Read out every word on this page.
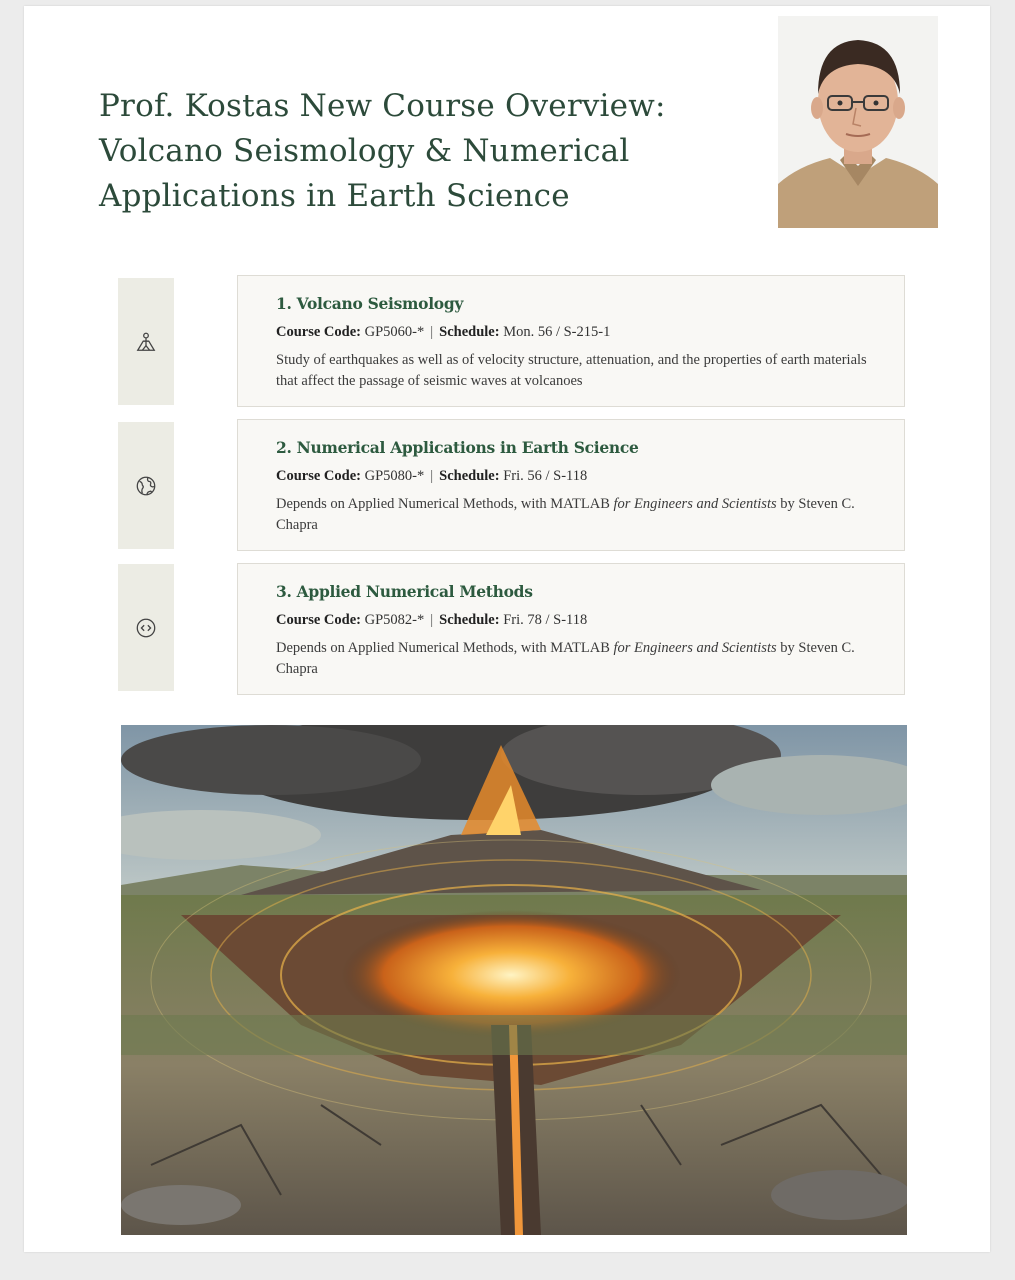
Prof. Kostas New Course Overview:
Volcano Seismology & Numerical
Applications in Earth Science
1. Volcano Seismology
Course Code: GP5060-* | Schedule: Mon. 56 / S-215-1
Study of earthquakes as well as of velocity structure, attenuation, and the properties of earth materials that affect the passage of seismic waves at volcanoes
2. Numerical Applications in Earth Science
Course Code: GP5080-* | Schedule: Fri. 56 / S-118
Depends on Applied Numerical Methods, with MATLAB for Engineers and Scientists by Steven C. Chapra
3. Applied Numerical Methods
Course Code: GP5082-* | Schedule: Fri. 78 / S-118
Depends on Applied Numerical Methods, with MATLAB for Engineers and Scientists by Steven C. Chapra
